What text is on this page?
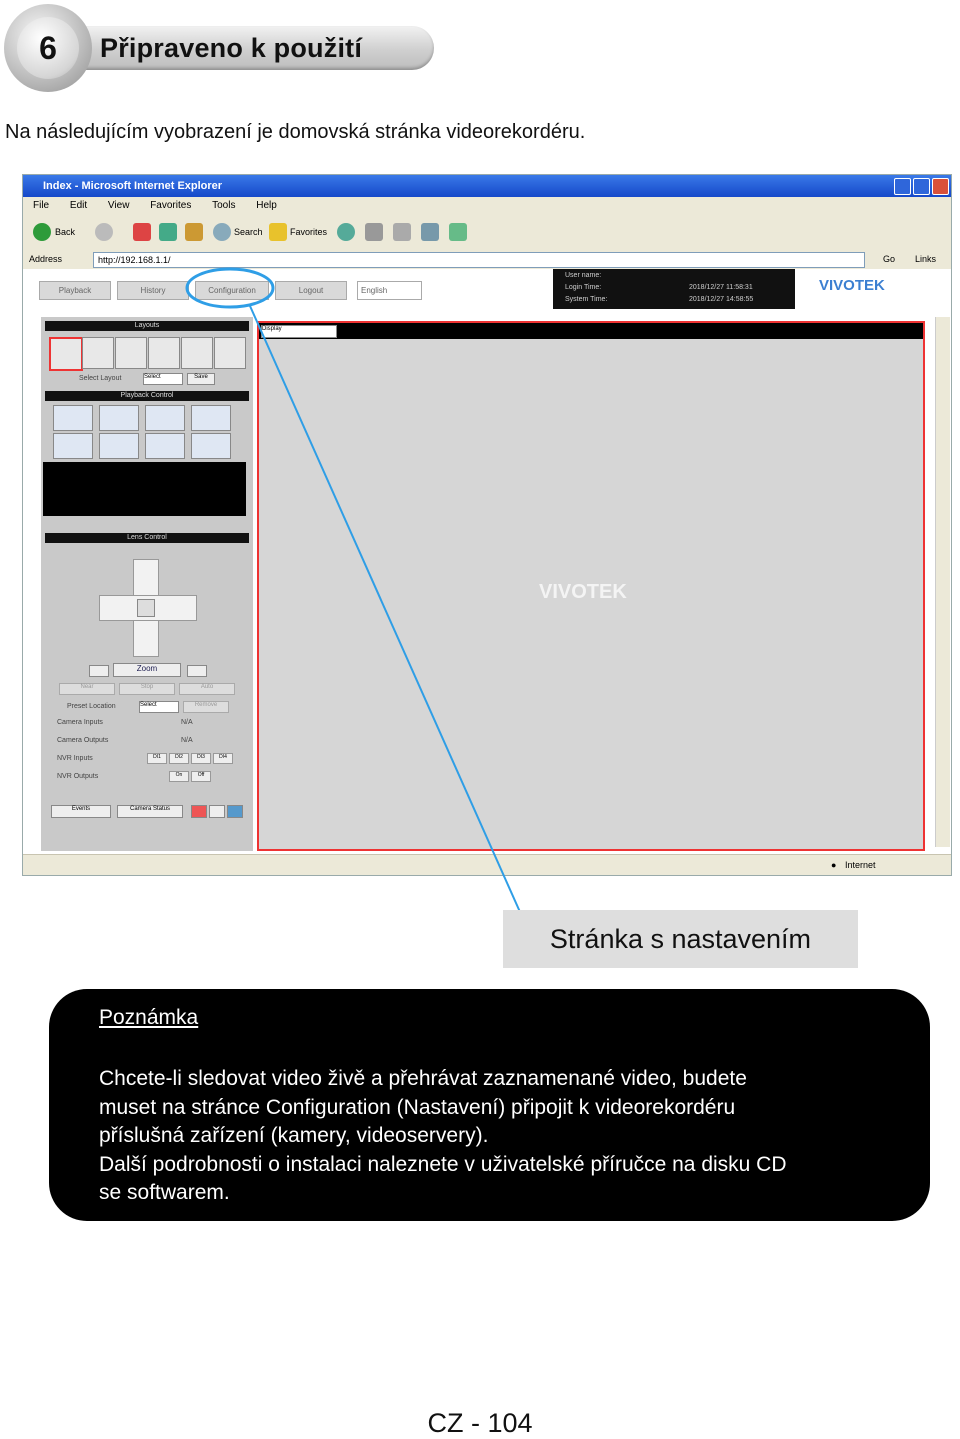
Připraveno k použití
6
Na následujícím vyobrazení je domovská stránka videorekordéru.
Index - Microsoft Internet Explorer
File Edit View Favorites Tools Help
Back	Search	Favorites
Address	http://192.168.1.1/	Go Links
Playback	History	Configuration	Logout	English
User name:
Login Time:	2018/12/27 11:58:31
System Time:	2018/12/27 14:58:55
VIVOTEK
Layouts
Select Layout	Select	Save
Playback Control
Lens Control
Zoom
Near	Stop	Auto
Preset Location	Select	Remove
Camera Inputs	N/A
Camera Outputs	N/A
NVR Inputs	DI1	DI2	DI3	DI4
NVR Outputs	On	Off
Events	Camera Status
Display
VIVOTEK
● Internet
Stránka s nastavením
Poznámka
Chcete-li sledovat video živě a přehrávat zaznamenané video, budete
muset na stránce Configuration (Nastavení) připojit k videorekordéru
příslušná zařízení (kamery, videoservery).
Další podrobnosti o instalaci naleznete v uživatelské příručce na disku CD
se softwarem.
CZ - 104
